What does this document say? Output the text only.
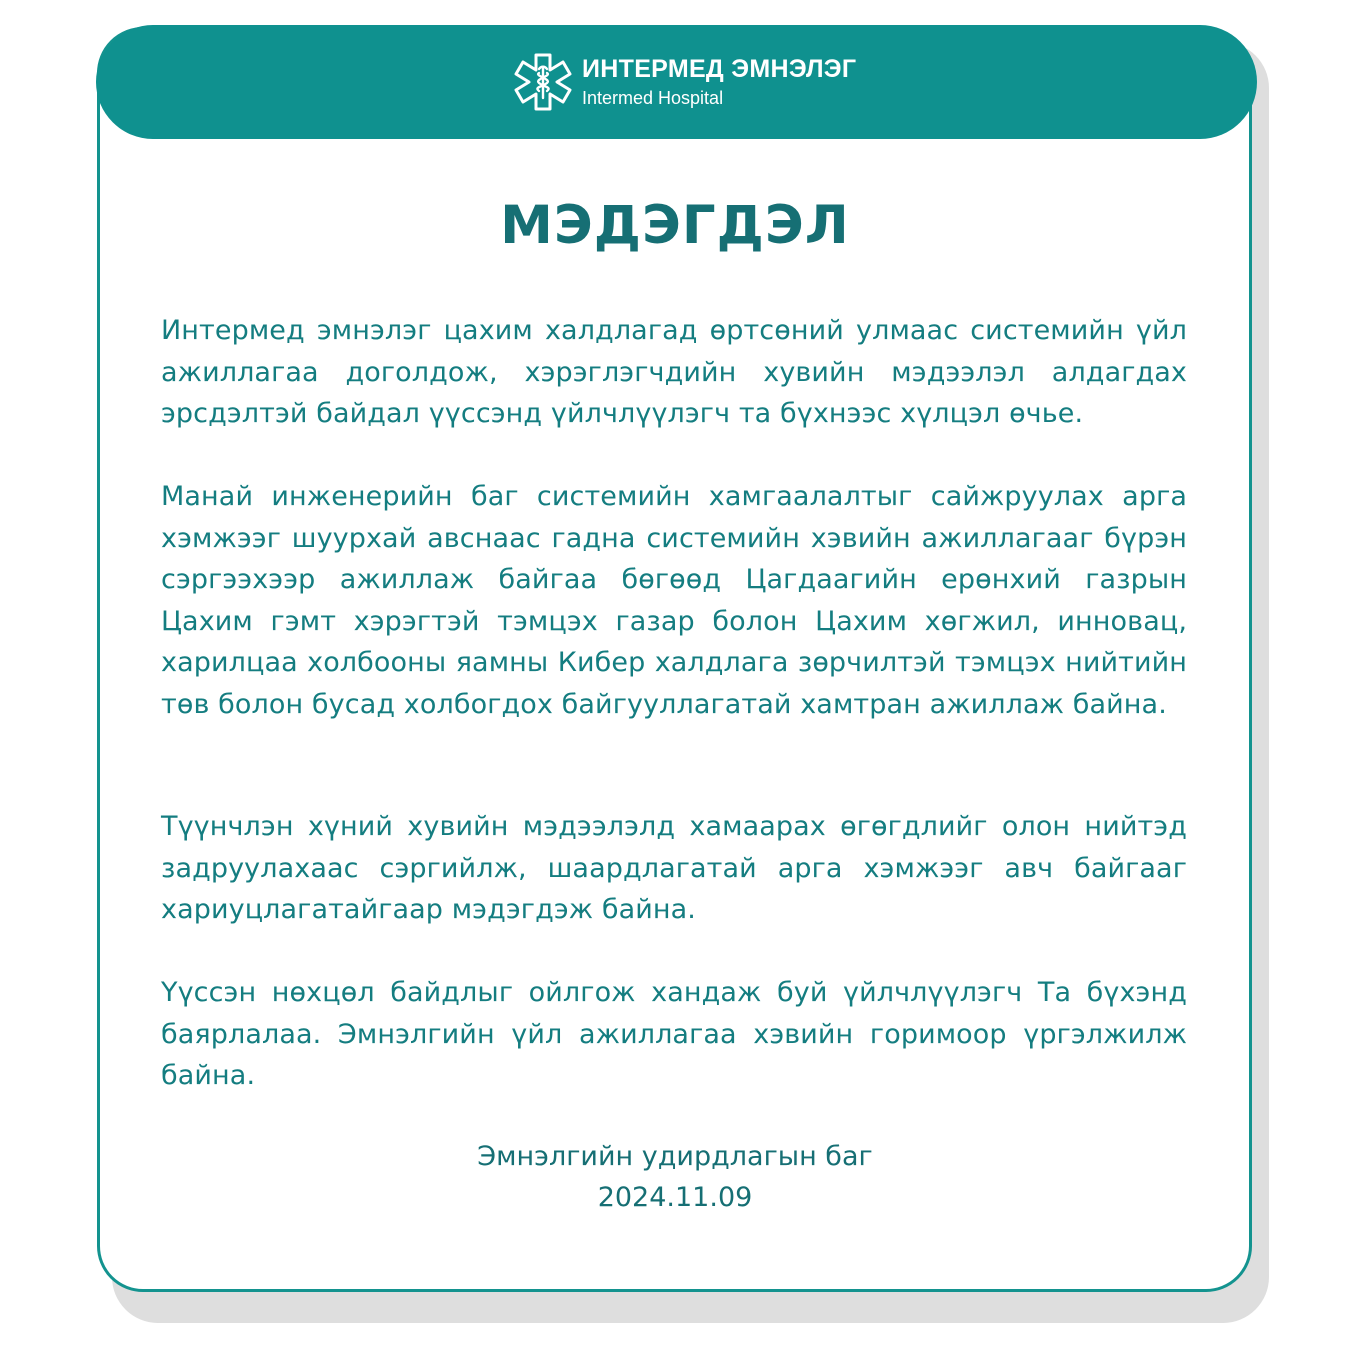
ИНТЕРМЕД ЭМНЭЛЭГ
Intermed Hospital
МЭДЭГДЭЛ

Интермед эмнэлэг цахим халдлагад өртсөний улмаас системийн үйл ажиллагаа доголдож, хэрэглэгчдийн хувийн мэдээлэл алдагдах эрсдэлтэй байдал үүссэнд үйлчлүүлэгч та бүхнээс хүлцэл өчье.

Манай инженерийн баг системийн хамгаалалтыг сайжруулах арга хэмжээг шуурхай авснаас гадна системийн хэвийн ажиллагааг бүрэн сэргээхээр ажиллаж байгаа бөгөөд Цагдаагийн ерөнхий газрын Цахим гэмт хэрэгтэй тэмцэх газар болон Цахим хөгжил, инновац, харилцаа холбооны яамны Кибер халдлага зөрчилтэй тэмцэх нийтийн төв болон бусад холбогдох байгууллагатай хамтран ажиллаж байна.

Түүнчлэн хүний хувийн мэдээлэлд хамаарах өгөгдлийг олон нийтэд задруулахаас сэргийлж, шаардлагатай арга хэмжээг авч байгааг хариуцлагатайгаар мэдэгдэж байна.

Үүссэн нөхцөл байдлыг ойлгож хандаж буй үйлчлүүлэгч Та бүхэнд баярлалаа. Эмнэлгийн үйл ажиллагаа хэвийн горимоор үргэлжилж байна.

Эмнэлгийн удирдлагын баг
2024.11.09
